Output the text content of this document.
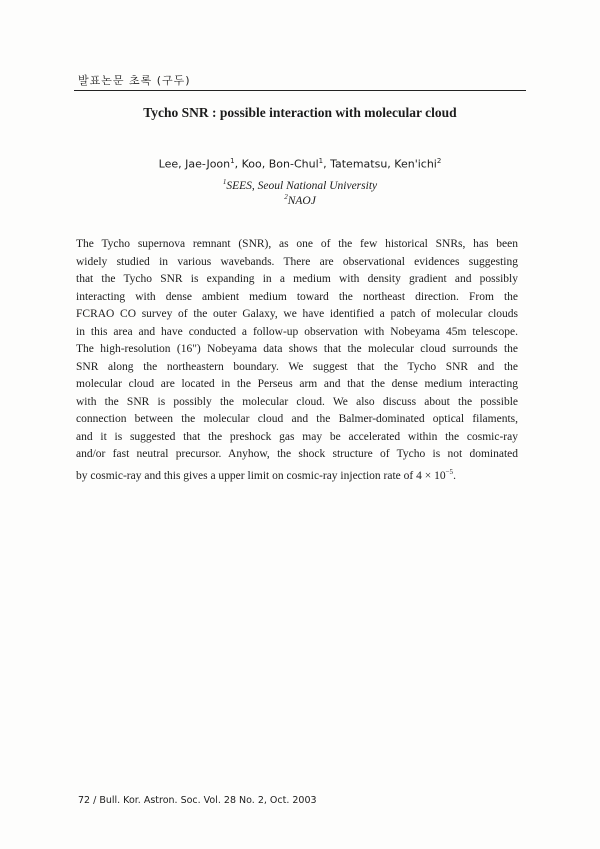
발표논문 초록 (구두)
Tycho SNR : possible interaction with molecular cloud
Lee, Jae-Joon$^1$, Koo, Bon-Chul$^1$, Tatematsu, Ken'ichi$^2$
$^1$SEES, Seoul National University
$^2$NAOJ

The Tycho supernova remnant (SNR), as one of the few historical SNRs, has been
widely studied in various wavebands. There are observational evidences suggesting
that the Tycho SNR is expanding in a medium with density gradient and possibly
interacting with dense ambient medium toward the northeast direction. From the
FCRAO CO survey of the outer Galaxy, we have identified a patch of molecular clouds
in this area and have conducted a follow-up observation with Nobeyama 45m telescope.
The high-resolution (16") Nobeyama data shows that the molecular cloud surrounds the
SNR along the northeastern boundary. We suggest that the Tycho SNR and the
molecular cloud are located in the Perseus arm and that the dense medium interacting
with the SNR is possibly the molecular cloud. We also discuss about the possible
connection between the molecular cloud and the Balmer-dominated optical filaments,
and it is suggested that the preshock gas may be accelerated within the cosmic-ray
and/or fast neutral precursor. Anyhow, the shock structure of Tycho is not dominated
by cosmic-ray and this gives a upper limit on cosmic-ray injection rate of $4 \times 10^{-5}$.

72 / Bull. Kor. Astron. Soc. Vol. 28 No. 2, Oct. 2003
